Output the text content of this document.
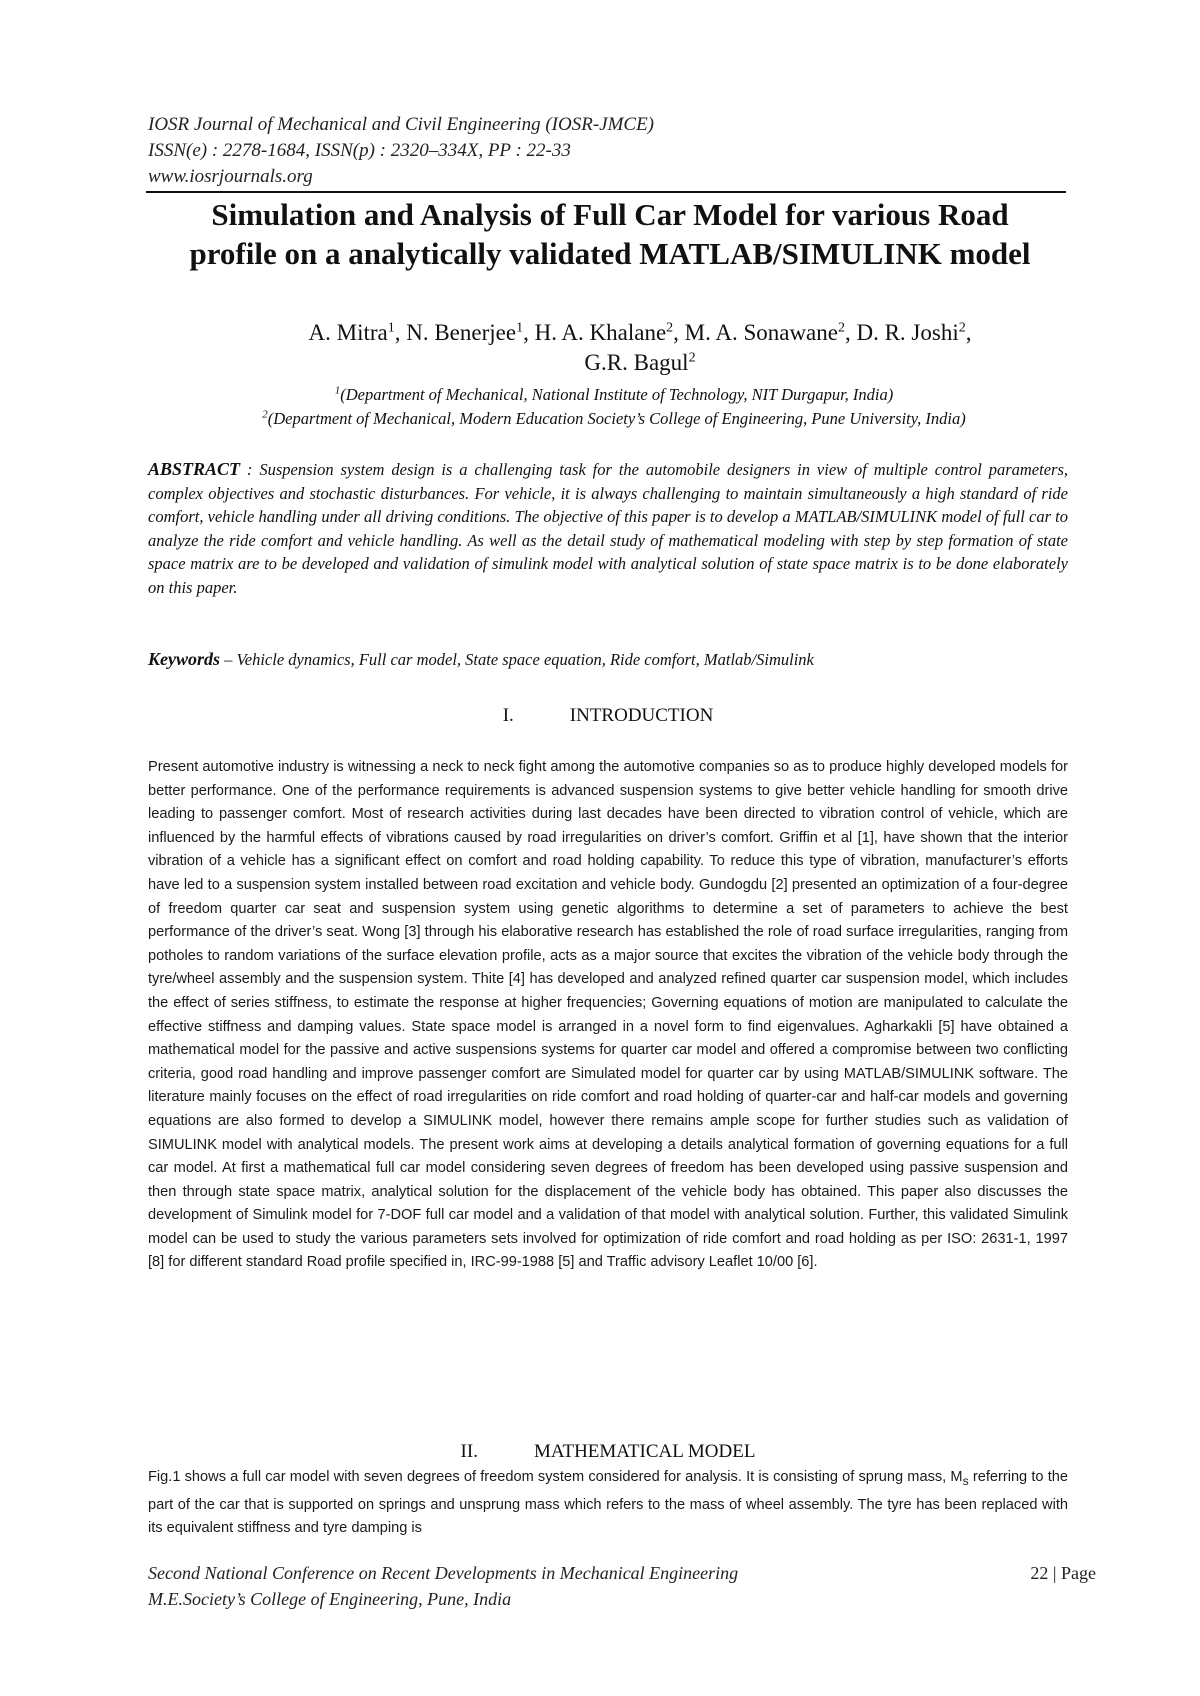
IOSR Journal of Mechanical and Civil Engineering (IOSR-JMCE)
ISSN(e) : 2278-1684, ISSN(p) : 2320–334X, PP : 22-33
www.iosrjournals.org
Simulation and Analysis of Full Car Model for various Road
profile on a analytically validated MATLAB/SIMULINK model
A. Mitra$^1$, N. Benerjee$^1$, H. A. Khalane$^2$, M. A. Sonawane$^2$, D. R. Joshi$^2$,
G.R. Bagul$^2$
$^1$(Department of Mechanical, National Institute of Technology, NIT Durgapur, India)
$^2$(Department of Mechanical, Modern Education Society’s College of Engineering, Pune University, India)
ABSTRACT : Suspension system design is a challenging task for the automobile designers in view of multiple control parameters, complex objectives and stochastic disturbances. For vehicle, it is always challenging to maintain simultaneously a high standard of ride comfort, vehicle handling under all driving conditions. The objective of this paper is to develop a MATLAB/SIMULINK model of full car to analyze the ride comfort and vehicle handling. As well as the detail study of mathematical modeling with step by step formation of state space matrix are to be developed and validation of simulink model with analytical solution of state space matrix is to be done elaborately on this paper.
Keywords – Vehicle dynamics, Full car model, State space equation, Ride comfort, Matlab/Simulink
I.	INTRODUCTION
Present automotive industry is witnessing a neck to neck fight among the automotive companies so as to produce highly developed models for better performance. One of the performance requirements is advanced suspension systems to give better vehicle handling for smooth drive leading to passenger comfort. Most of research activities during last decades have been directed to vibration control of vehicle, which are influenced by the harmful effects of vibrations caused by road irregularities on driver’s comfort. Griffin et al [1], have shown that the interior vibration of a vehicle has a significant effect on comfort and road holding capability. To reduce this type of vibration, manufacturer’s efforts have led to a suspension system installed between road excitation and vehicle body. Gundogdu [2] presented an optimization of a four-degree of freedom quarter car seat and suspension system using genetic algorithms to determine a set of parameters to achieve the best performance of the driver’s seat. Wong [3] through his elaborative research has established the role of road surface irregularities, ranging from potholes to random variations of the surface elevation profile, acts as a major source that excites the vibration of the vehicle body through the tyre/wheel assembly and the suspension system. Thite [4] has developed and analyzed refined quarter car suspension model, which includes the effect of series stiffness, to estimate the response at higher frequencies; Governing equations of motion are manipulated to calculate the effective stiffness and damping values. State space model is arranged in a novel form to find eigenvalues. Agharkakli [5] have obtained a mathematical model for the passive and active suspensions systems for quarter car model and offered a compromise between two conflicting criteria, good road handling and improve passenger comfort are Simulated model for quarter car by using MATLAB/SIMULINK software. The literature mainly focuses on the effect of road irregularities on ride comfort and road holding of quarter-car and half-car models and governing equations are also formed to develop a SIMULINK model, however there remains ample scope for further studies such as validation of SIMULINK model with analytical models. The present work aims at developing a details analytical formation of governing equations for a full car model. At first a mathematical full car model considering seven degrees of freedom has been developed using passive suspension and then through state space matrix, analytical solution for the displacement of the vehicle body has obtained. This paper also discusses the development of Simulink model for 7-DOF full car model and a validation of that model with analytical solution. Further, this validated Simulink model can be used to study the various parameters sets involved for optimization of ride comfort and road holding as per ISO: 2631-1, 1997 [8] for different standard Road profile specified in, IRC-99-1988 [5] and Traffic advisory Leaflet 10/00 [6].
II.	MATHEMATICAL MODEL
Fig.1 shows a full car model with seven degrees of freedom system considered for analysis. It is consisting of sprung mass, $M_s$ referring to the part of the car that is supported on springs and unsprung mass which refers to the mass of wheel assembly. The tyre has been replaced with its equivalent stiffness and tyre damping is
Second National Conference on Recent Developments in Mechanical Engineering
M.E.Society’s College of Engineering, Pune, India
22 | Page
